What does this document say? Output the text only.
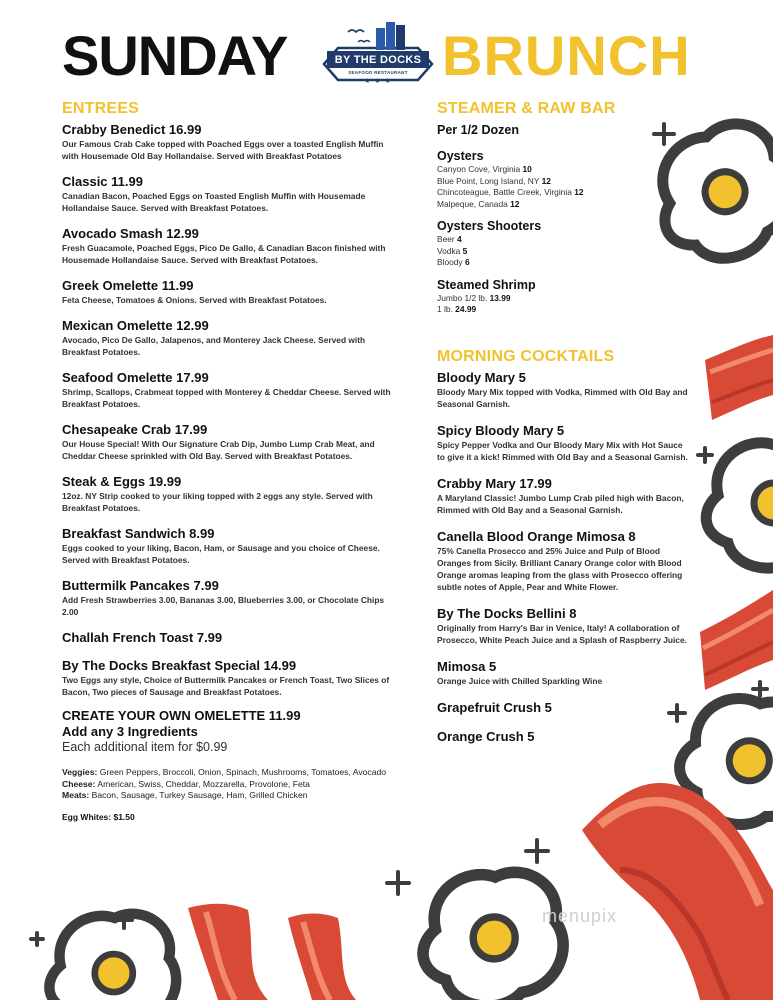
SUNDAY	BY THE DOCKS
SEAFOOD RESTAURANT
★ ★ ★ BRUNCH
ENTREES
Crabby Benedict 16.99
Our Famous Crab Cake topped with Poached Eggs over a toasted English Muffin with Housemade Old Bay Hollandaise. Served with Breakfast Potatoes
Classic 11.99
Canadian Bacon, Poached Eggs on Toasted English Muffin with Housemade Hollandaise Sauce. Served with Breakfast Potatoes.
Avocado Smash 12.99
Fresh Guacamole, Poached Eggs, Pico De Gallo, & Canadian Bacon finished with Housemade Hollandaise Sauce. Served with Breakfast Potatoes.
Greek Omelette 11.99
Feta Cheese, Tomatoes & Onions. Served with Breakfast Potatoes.
Mexican Omelette 12.99
Avocado, Pico De Gallo, Jalapenos, and Monterey Jack Cheese. Served with Breakfast Potatoes.
Seafood Omelette 17.99
Shrimp, Scallops, Crabmeat topped with Monterey & Cheddar Cheese. Served with Breakfast Potatoes.
Chesapeake Crab 17.99
Our House Special! With Our Signature Crab Dip, Jumbo Lump Crab Meat, and Cheddar Cheese sprinkled with Old Bay. Served with Breakfast Potatoes.
Steak & Eggs 19.99
12oz. NY Strip cooked to your liking topped with 2 eggs any style. Served with Breakfast Potatoes.
Breakfast Sandwich 8.99
Eggs cooked to your liking, Bacon, Ham, or Sausage and you choice of Cheese. Served with Breakfast Potatoes.
Buttermilk Pancakes 7.99
Add Fresh Strawberries 3.00, Bananas 3.00, Blueberries 3.00, or Chocolate Chips 2.00
Challah French Toast 7.99
By The Docks Breakfast Special 14.99
Two Eggs any style, Choice of Buttermilk Pancakes or French Toast, Two Slices of Bacon, Two pieces of Sausage and Breakfast Potatoes.
CREATE YOUR OWN OMELETTE 11.99
Add any 3 Ingredients
Each additional item for $0.99
Veggies: Green Peppers, Broccoli, Onion, Spinach, Mushrooms, Tomatoes, Avocado
Cheese: American, Swiss, Cheddar, Mozzarella, Provolone, Feta
Meats: Bacon, Sausage, Turkey Sausage, Ham, Grilled Chicken
Egg Whites: $1.50
STEAMER & RAW BAR
Per 1/2 Dozen
Oysters
Canyon Cove, Virginia 10
Blue Point, Long Island, NY 12
Chincoteague, Battle Creek, Virginia 12
Malpeque, Canada 12
Oysters Shooters
Beer 4
Vodka 5
Bloody 6
Steamed Shrimp
Jumbo 1/2 lb. 13.99
1 lb. 24.99
MORNING COCKTAILS
Bloody Mary 5
Bloody Mary Mix topped with Vodka, Rimmed with Old Bay and Seasonal Garnish.
Spicy Bloody Mary 5
Spicy Pepper Vodka and Our Bloody Mary Mix with Hot Sauce to give it a kick! Rimmed with Old Bay and a Seasonal Garnish.
Crabby Mary 17.99
A Maryland Classic! Jumbo Lump Crab piled high with Bacon, Rimmed with Old Bay and a Seasonal Garnish.
Canella Blood Orange Mimosa 8
75% Canella Prosecco and 25% Juice and Pulp of Blood Oranges from Sicily. Brilliant Canary Orange color with Blood Orange aromas leaping from the glass with Prosecco offering subtle notes of Apple, Pear and White Flower.
By The Docks Bellini 8
Originally from Harry's Bar in Venice, Italy! A collaboration of Prosecco, White Peach Juice and a Splash of Raspberry Juice.
Mimosa 5
Orange Juice with Chilled Sparkling Wine
Grapefruit Crush 5
Orange Crush 5
menupix
